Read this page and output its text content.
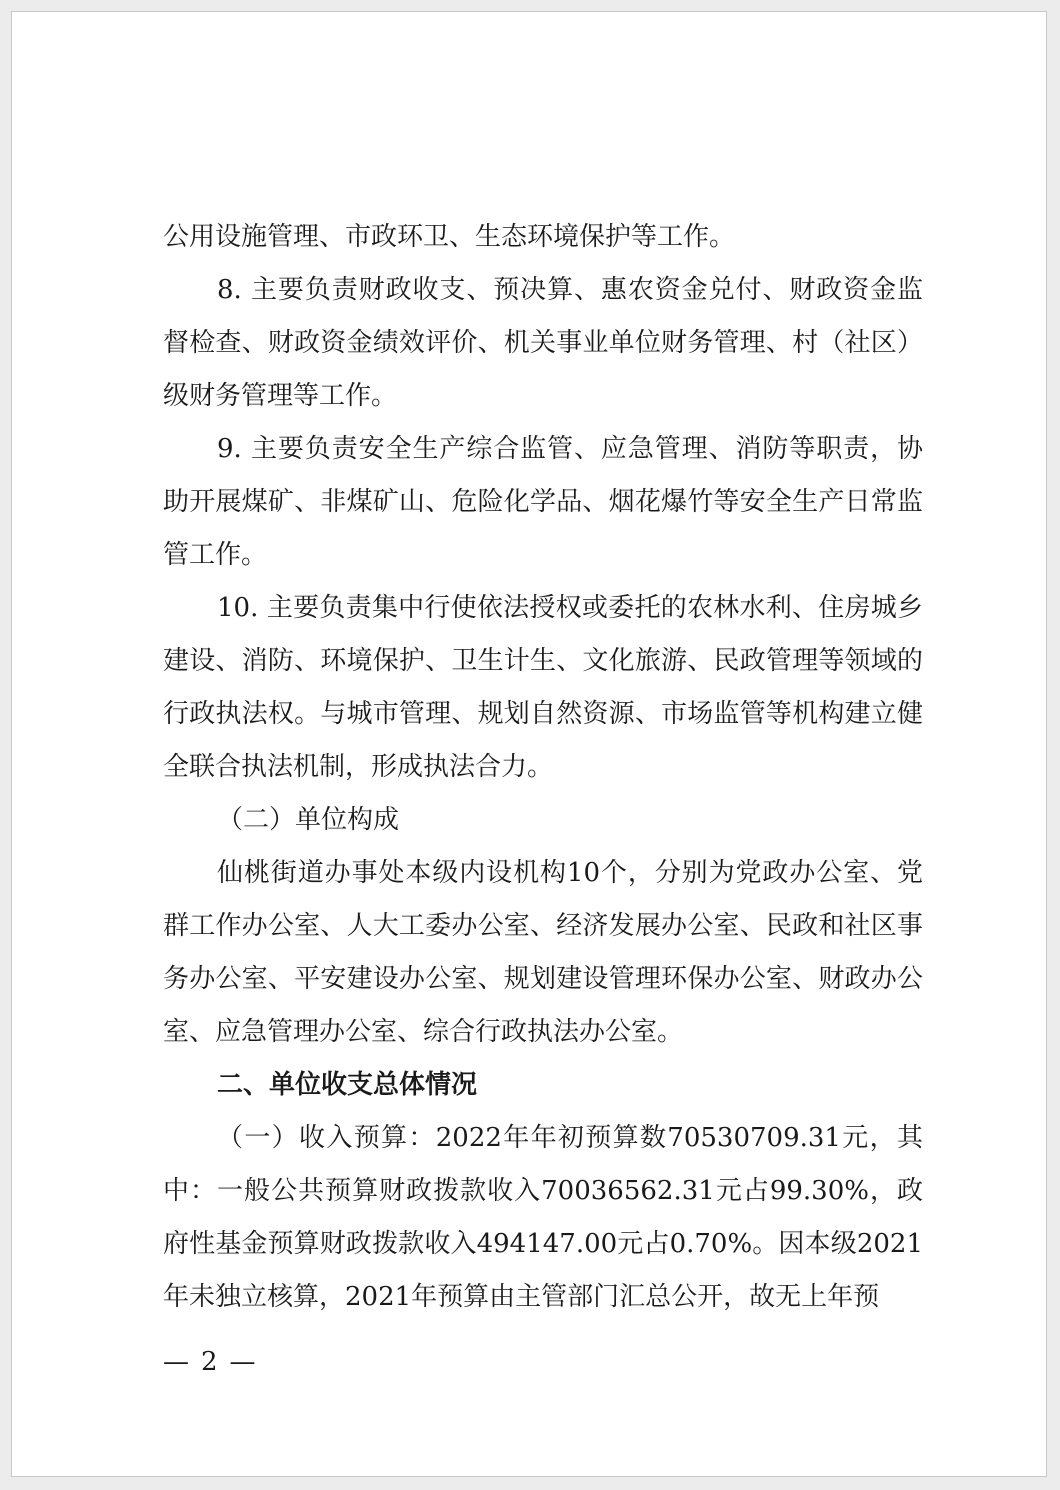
公用设施管理、市政环卫、生态环境保护等工作。

8. 主要负责财政收支、预决算、惠农资金兑付、财政资金监督检查、财政资金绩效评价、机关事业单位财务管理、村（社区）级财务管理等工作。

9. 主要负责安全生产综合监管、应急管理、消防等职责，协助开展煤矿、非煤矿山、危险化学品、烟花爆竹等安全生产日常监管工作。

10. 主要负责集中行使依法授权或委托的农林水利、住房城乡建设、消防、环境保护、卫生计生、文化旅游、民政管理等领域的行政执法权。与城市管理、规划自然资源、市场监管等机构建立健全联合执法机制，形成执法合力。

（二）单位构成

仙桃街道办事处本级内设机构10个，分别为党政办公室、党群工作办公室、人大工委办公室、经济发展办公室、民政和社区事务办公室、平安建设办公室、规划建设管理环保办公室、财政办公室、应急管理办公室、综合行政执法办公室。

二、单位收支总体情况

（一）收入预算：2022年年初预算数70530709.31元，其中：一般公共预算财政拨款收入70036562.31元占99.30%，政府性基金预算财政拨款收入494147.00元占0.70%。因本级2021年未独立核算，2021年预算由主管部门汇总公开，故无上年预

— 2 —
